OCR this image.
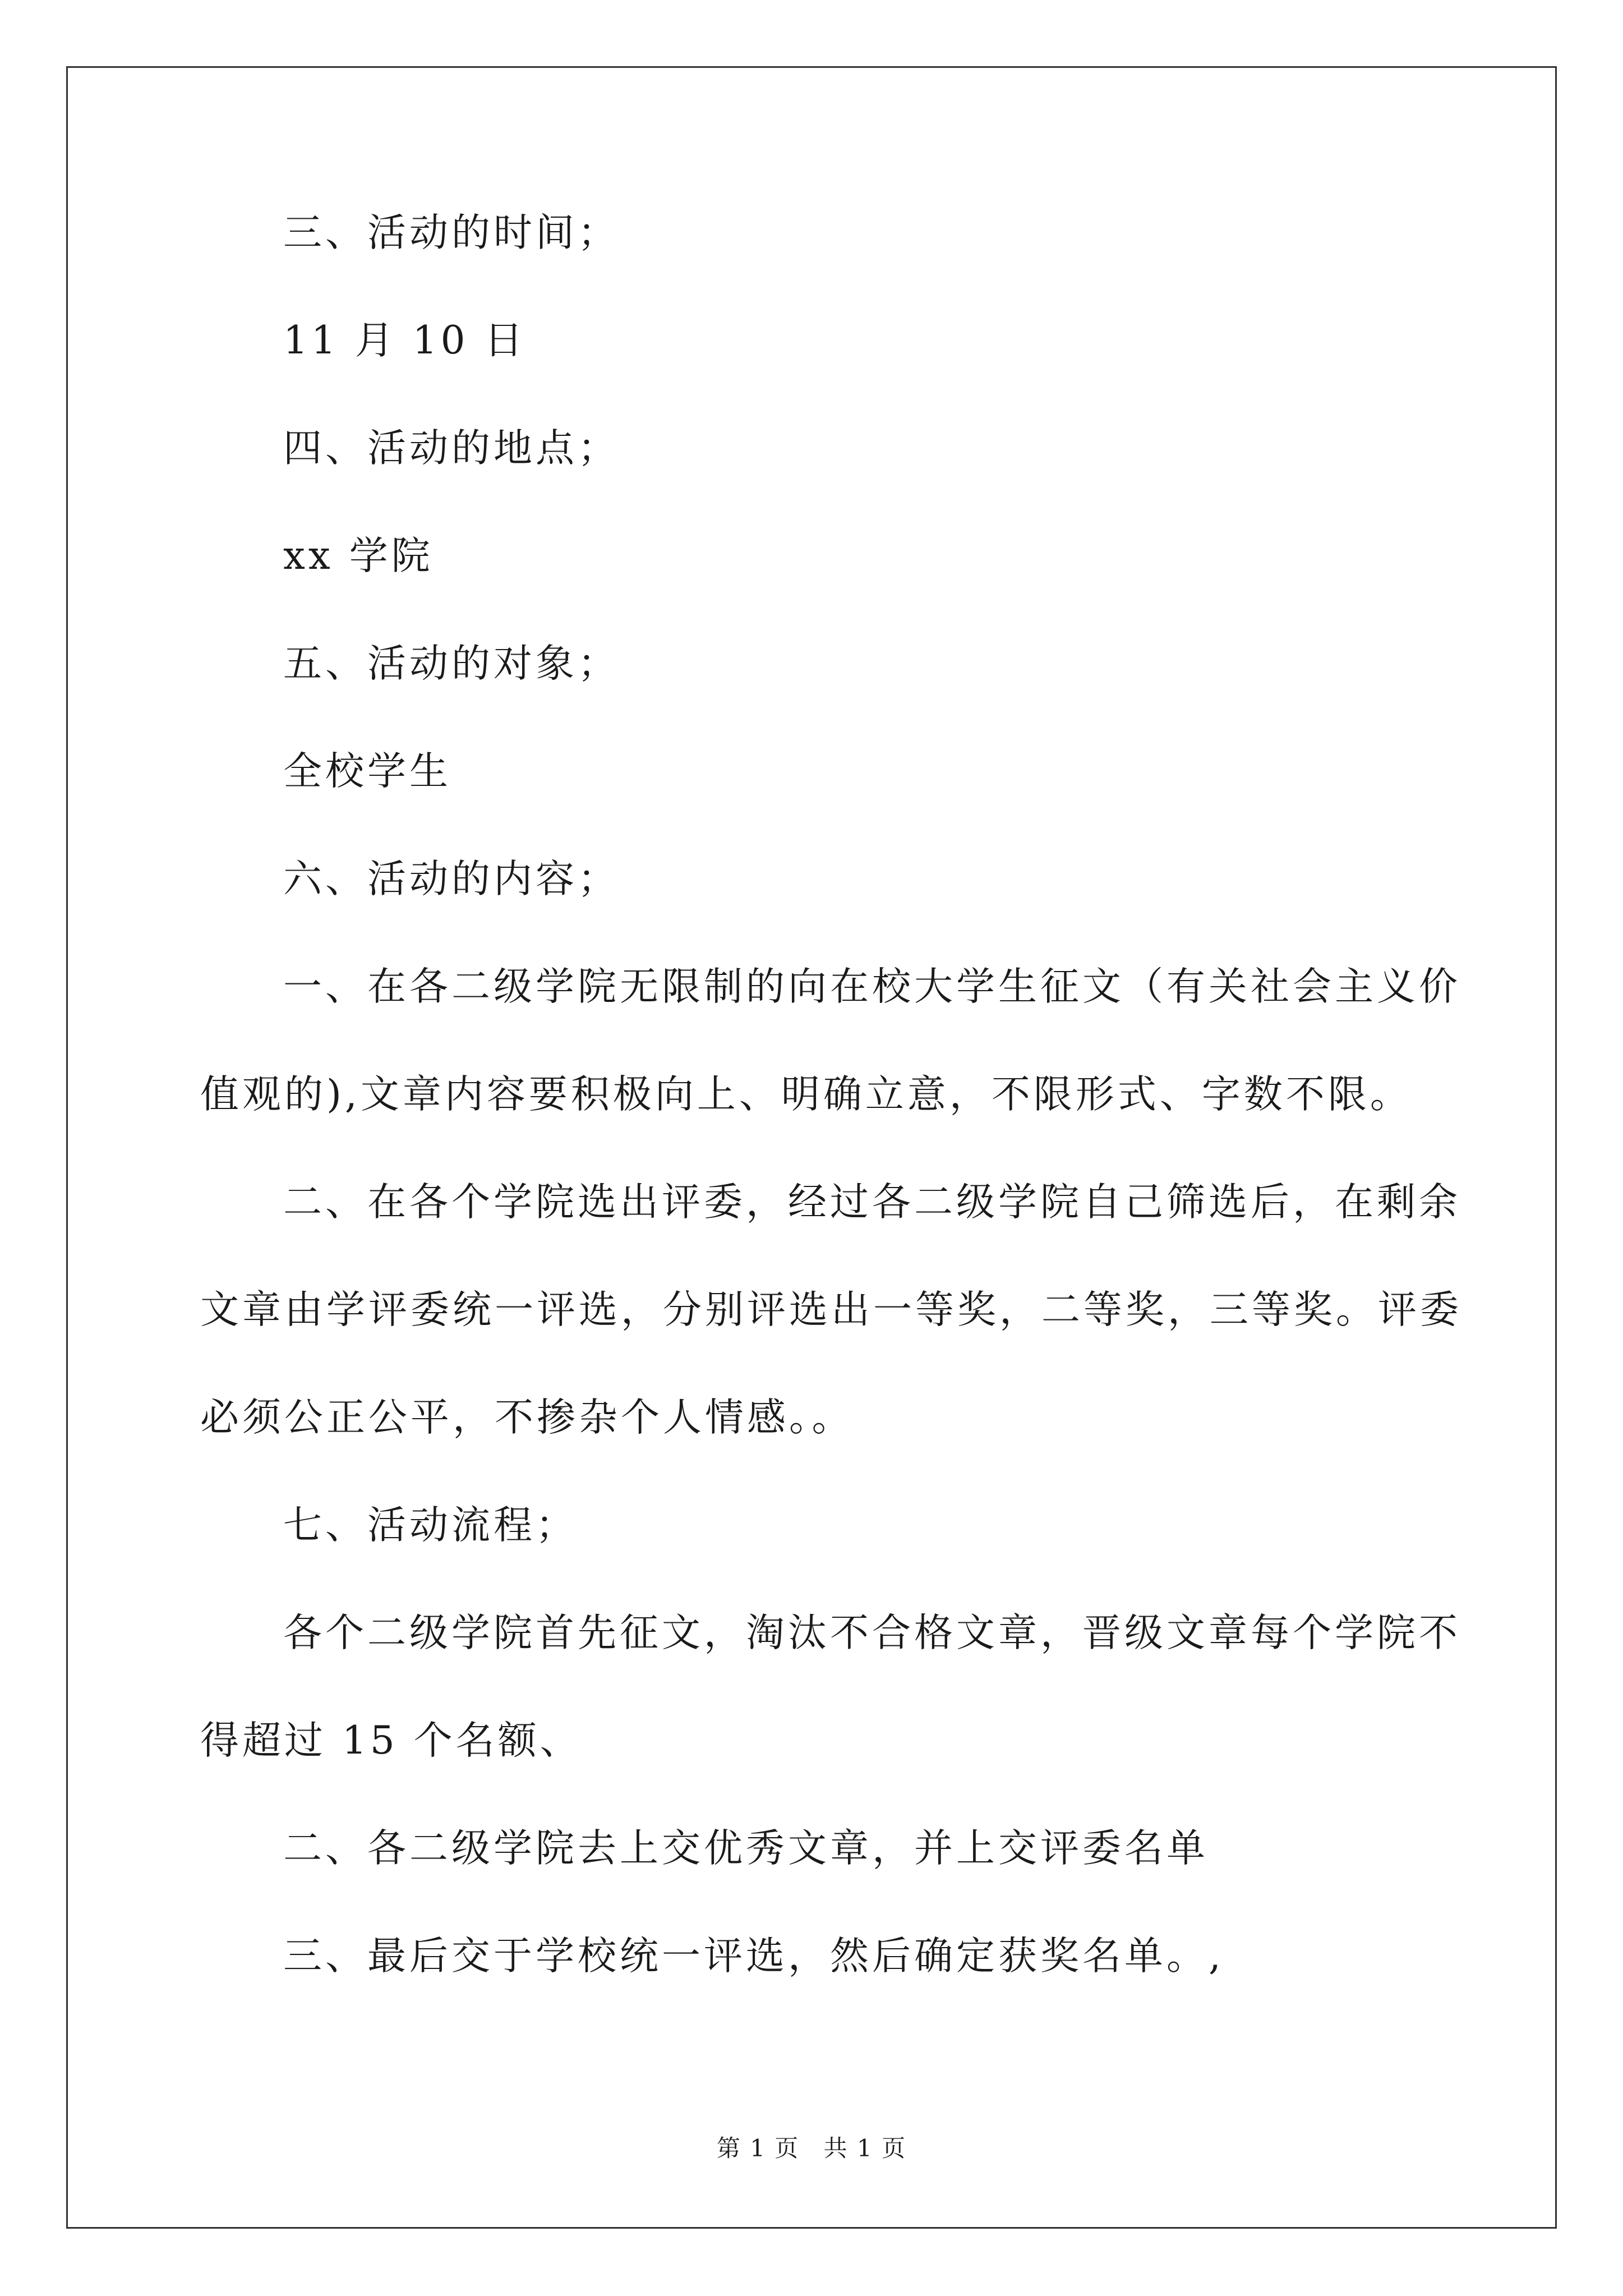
三、活动的时间；
11 月 10 日
四、活动的地点；
xx 学院
五、活动的对象；
全校学生
六、活动的内容；
一、在各二级学院无限制的向在校大学生征文（有关社会主义价
值观的),文章内容要积极向上、明确立意，不限形式、字数不限。
二、在各个学院选出评委，经过各二级学院自己筛选后，在剩余
文章由学评委统一评选，分别评选出一等奖，二等奖，三等奖。评委
必须公正公平，不掺杂个人情感。。
七、活动流程；
各个二级学院首先征文，淘汰不合格文章，晋级文章每个学院不
得超过 15 个名额、
二、各二级学院去上交优秀文章，并上交评委名单
三、最后交于学校统一评选，然后确定获奖名单。,
第 1 页 共 1 页
